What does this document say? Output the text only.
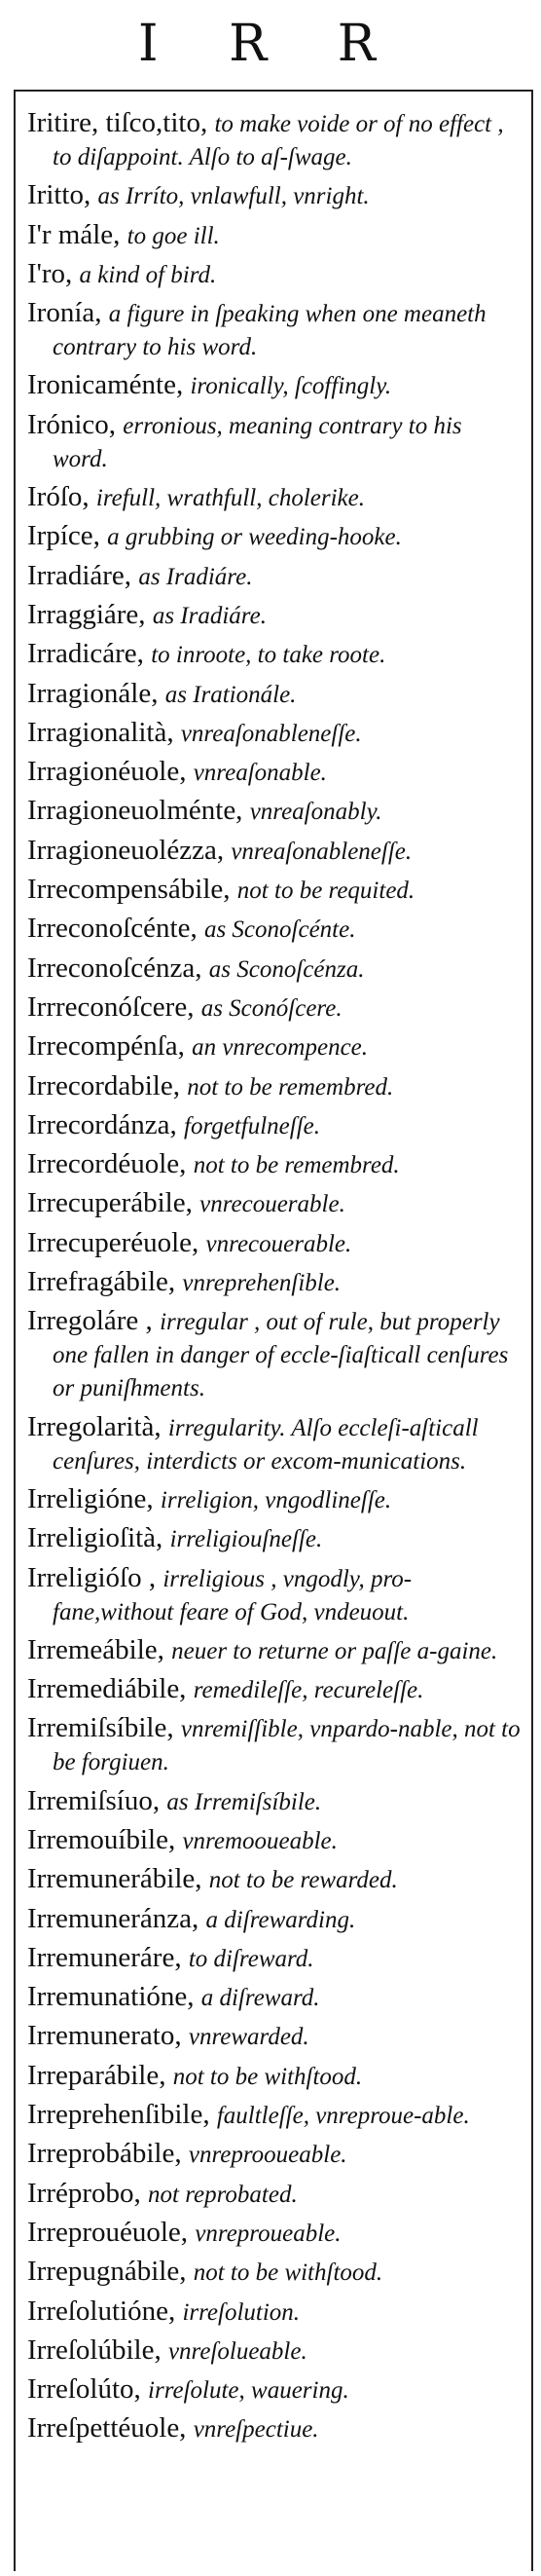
I R R
Iritire, tiſco,tito, to make voide or of no effect , to diſappoint. Alſo to aſ-ſwage.
Iritto, as Irríto, vnlawfull, vnright.
I'r mále, to goe ill.
I'ro, a kind of bird.
Ironía, a figure in ſpeaking when one meaneth contrary to his word.
Ironicaménte, ironically, ſcoffingly.
Irónico, erronious, meaning contrary to his word.
Iróſo, irefull, wrathfull, cholerike.
Irpíce, a grubbing or weeding-hooke.
Irradiáre, as Iradiáre.
Irraggiáre, as Iradiáre.
Irradicáre, to inroote, to take roote.
Irragionále, as Irationále.
Irragionalità, vnreaſonableneſſe.
Irragionéuole, vnreaſonable.
Irragioneuolménte, vnreaſonably.
Irragioneuolézza, vnreaſonableneſſe.
Irrecompensábile, not to be requited.
Irreconoſcénte, as Sconoſcénte.
Irreconoſcénza, as Sconoſcénza.
Irrreconóſcere, as Sconóſcere.
Irrecompénſa, an vnrecompence.
Irrecordabile, not to be remembred.
Irrecordánza, forgetfulneſſe.
Irrecordéuole, not to be remembred.
Irrecuperábile, vnrecouerable.
Irrecuperéuole, vnrecouerable.
Irrefragábile, vnreprehenſible.
Irregoláre , irregular , out of rule, but properly one fallen in danger of eccle-ſiaſticall cenſures or puniſhments.
Irregolarità, irregularity. Alſo eccleſi-aſticall cenſures, interdicts or excom-munications.
Irreligióne, irreligion, vngodlineſſe.
Irreligioſità, irreligiouſneſſe.
Irreligióſo , irreligious , vngodly, pro-fane,without feare of God, vndeuout.
Irremeábile, neuer to returne or paſſe a-gaine.
Irremediábile, remedileſſe, recureleſſe.
Irremiſsíbile, vnremiſſible, vnpardo-nable, not to be forgiuen.
Irremiſsíuo, as Irremiſsíbile.
Irremouíbile, vnremooueable.
Irremunerábile, not to be rewarded.
Irremuneránza, a diſrewarding.
Irremuneráre, to diſreward.
Irremunatióne, a diſreward.
Irremunerato, vnrewarded.
Irreparábile, not to be withſtood.
Irreprehenſibile, faultleſſe, vnreproue-able.
Irreprobábile, vnreprooueable.
Irréprobo, not reprobated.
Irreprouéuole, vnreproueable.
Irrepugnábile, not to be withſtood.
Irreſolutióne, irreſolution.
Irreſolúbile, vnreſolueable.
Irreſolúto, irreſolute, wauering.
Irreſpettéuole, vnreſpectiue.
